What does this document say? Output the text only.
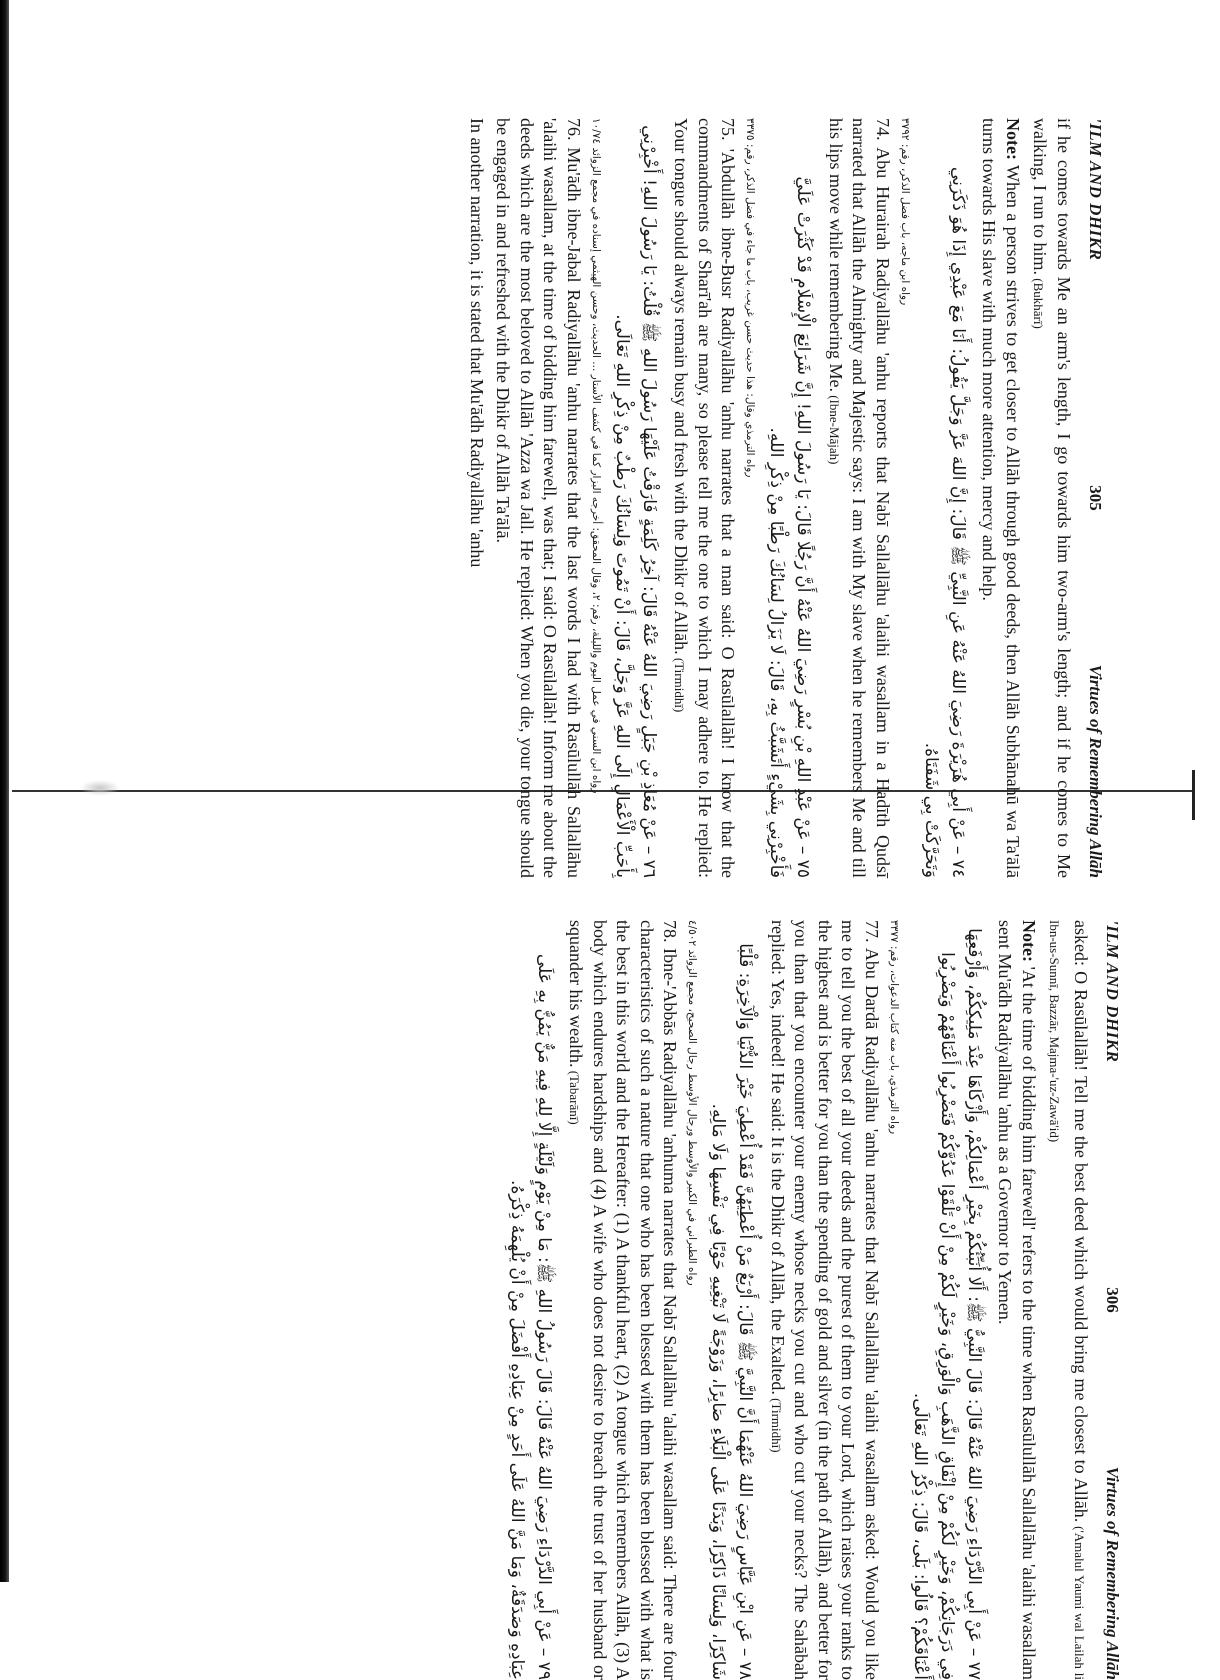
'ILM AND DHIKR
305
Virtues of Remembering Allāh

if he comes towards Me an arm's length, I go towards him two-arm's length; and if he comes to Me walking, I run to him. (Bukhārī)

Note: When a person strives to get closer to Allāh through good deeds, then Allāh Subhānahū wa Ta'ālā turns towards His slave with much more attention, mercy and help.

٧٤ – عَنْ أَبِي هُرَيْرَةَ رَضِيَ اللهُ عَنْهُ عَنِ النَّبِيِّ ﷺ قَالَ: إِنَّ اللهَ عَزَّ وَجَلَّ يَقُولُ: أَنَا مَعَ عَبْدِي إِذَا هُوَ ذَكَرَنِي وَتَحَرَّكَتْ بِي شَفَتَاهُ.

رواه ابن ماجه، باب فضل الذكر، رقم: ٣٧٩٢

74. Abu Hurairah Radiyallāhu 'anhu reports that Nabī Sallallāhu 'alaihi wasallam in a Hadīth Qudsī narrated that Allāh the Almighty and Majestic says: I am with My slave when he remembers Me and till his lips move while remembering Me. (Ibne-Mājah)

٧٥ – عَنْ عَبْدِ اللهِ بْنِ بُسْرٍ رَضِيَ اللهُ عَنْهُ أَنَّ رَجُلًا قَالَ: يَا رَسُولَ اللهِ! إِنَّ شَرَائِعَ الْإِسْلَامِ قَدْ كَثُرَتْ عَلَيَّ فَأَخْبِرْنِي بِشَيْءٍ أَتَشَبَّثُ بِهِ، قَالَ: لَا يَزَالُ لِسَانُكَ رَطْبًا مِنْ ذِكْرِ اللهِ.

رواه الترمذي وقال: هذا حديث حسن غريب، باب ما جاء في فضل الذكر، رقم: ٣٣٧٥

75. 'Abdullāh ibne-Busr Radiyallāhu 'anhu narrates that a man said: O Rasūlallāh! I know that the commandments of Sharī'ah are many, so please tell me the one to which I may adhere to. He replied: Your tongue should always remain busy and fresh with the Dhikr of Allāh. (Tirmidhī)

٧٦ – عَنْ مُعَاذِ بْنِ جَبَلٍ رَضِيَ اللهُ عَنْهُ قَالَ: آخِرُ كَلِمَةٍ فَارَقْتُ عَلَيْهَا رَسُولَ اللهِ ﷺ قُلْتُ: يَا رَسُولَ اللهِ! أَخْبِرْنِي بِأَحَبِّ الْأَعْمَالِ إِلَى اللهِ عَزَّ وَجَلَّ، قَالَ: أَنْ تَمُوتَ وَلِسَانُكَ رَطْبٌ مِنْ ذِكْرِ اللهِ تَعَالَى.

رواه ابن السني في عمل اليوم والليلة، رقم: ٢، وقال المحقق: أخرجه البزار كما في كشف الأستار ... الحديث، وحسن الهيثمي إسناده في مجمع الزوائد ١٠/٧٤

76. Mu'ādh ibne-Jabal Radiyallāhu 'anhu narrates that the last words I had with Rasūlullāh Sallallāhu 'alaihi wasallam, at the time of bidding him farewell, was that; I said: O Rasūlallāh! Inform me about the deeds which are the most beloved to Allāh 'Azza wa Jall. He replied: When you die, your tongue should be engaged in and refreshed with the Dhikr of Allāh Ta'ālā.

In another narration, it is stated that Mu'ādh Radiyallāhu 'anhu

'ILM AND DHIKR
306
Virtues of Remembering Allāh

asked: O Rasūlallāh! Tell me the best deed which would bring me closest to Allāh. ('Amalul Yaumi wal Lailah li Ibn-us-Sunnī, Bazzār, Majma-'uz-Zawā'id)

Note: 'At the time of bidding him farewell' refers to the time when Rasūlullāh Sallallāhu 'alaihi wasallam sent Mu'ādh Radiyallāhu 'anhu as a Governor to Yemen.

٧٧ – عَنْ أَبِي الدَّرْدَاءِ رَضِيَ اللهُ عَنْهُ قَالَ: قَالَ النَّبِيُّ ﷺ: أَلَا أُنَبِّئُكُمْ بِخَيْرِ أَعْمَالِكُمْ، وَأَزْكَاهَا عِنْدَ مَلِيكِكُمْ، وَأَرْفَعِهَا فِي دَرَجَاتِكُمْ، وَخَيْرٍ لَكُمْ مِنْ إِنْفَاقِ الذَّهَبِ وَالْوَرِقِ، وَخَيْرٍ لَكُمْ مِنْ أَنْ تَلْقَوْا عَدُوَّكُمْ فَتَضْرِبُوا أَعْنَاقَهُمْ وَيَضْرِبُوا أَعْنَاقَكُمْ؟ قَالُوا: بَلَى، قَالَ: ذِكْرُ اللهِ تَعَالَى.

رواه الترمذي، باب منه كتاب الدعوات، رقم: ٣٣٧٧

77. Abu Dardā Radiyallāhu 'anhu narrates that Nabī Sallallāhu 'alaihi wasallam asked: Would you like me to tell you the best of all your deeds and the purest of them to your Lord, which raises your ranks to the highest and is better for you than the spending of gold and silver (in the path of Allāh), and better for you than that you encounter your enemy whose necks you cut and who cut your necks? The Sahābah replied: Yes, indeed! He said: It is the Dhikr of Allāh, the Exalted. (Tirmidhī)

٧٨ – عَنِ ابْنِ عَبَّاسٍ رَضِيَ اللهُ عَنْهُمَا أَنَّ النَّبِيَّ ﷺ قَالَ: أَرْبَعٌ مَنْ أُعْطِيَهُنَّ فَقَدْ أُعْطِيَ خَيْرَ الدُّنْيَا وَالْآخِرَةِ: قَلْبًا شَاكِرًا، وَلِسَانًا ذَاكِرًا، وَبَدَنًا عَلَى الْبَلَاءِ صَابِرًا، وَزَوْجَةً لَا تَبْغِيهِ حَوْبًا فِي نَفْسِهَا وَلَا مَالِهِ.

رواه الطبراني في الكبير والأوسط ورجال الأوسط رجال الصحيح، مجمع الزوائد ٤/٥٠٢

78. Ibne-'Abbās Radiyallāhu 'anhuma narrates that Nabī Sallallāhu 'alaihi wasallam said: There are four characteristics of such a nature that one who has been blessed with them has been blessed with what is the best in this world and the Hereafter: (1) A thankful heart, (2) A tongue which remembers Allāh, (3) A body which endures hardships and (4) A wife who does not desire to breach the trust of her husband or squander his wealth. (Tabarānī)

٧٩ – عَنْ أَبِي الدَّرْدَاءِ رَضِيَ اللهُ عَنْهُ قَالَ: قَالَ رَسُولُ اللهِ ﷺ: مَا مِنْ يَوْمٍ وَلَيْلَةٍ إِلَّا لِلهِ فِيهِ مَنٌّ يَمُنُّ بِهِ عَلَى عِبَادِهِ وَصَدَقَةٌ، وَمَا مَنَّ اللهُ عَلَى أَحَدٍ مِنْ عِبَادِهِ أَفْضَلَ مِنْ أَنْ يُلْهِمَهُ ذِكْرَهُ.
